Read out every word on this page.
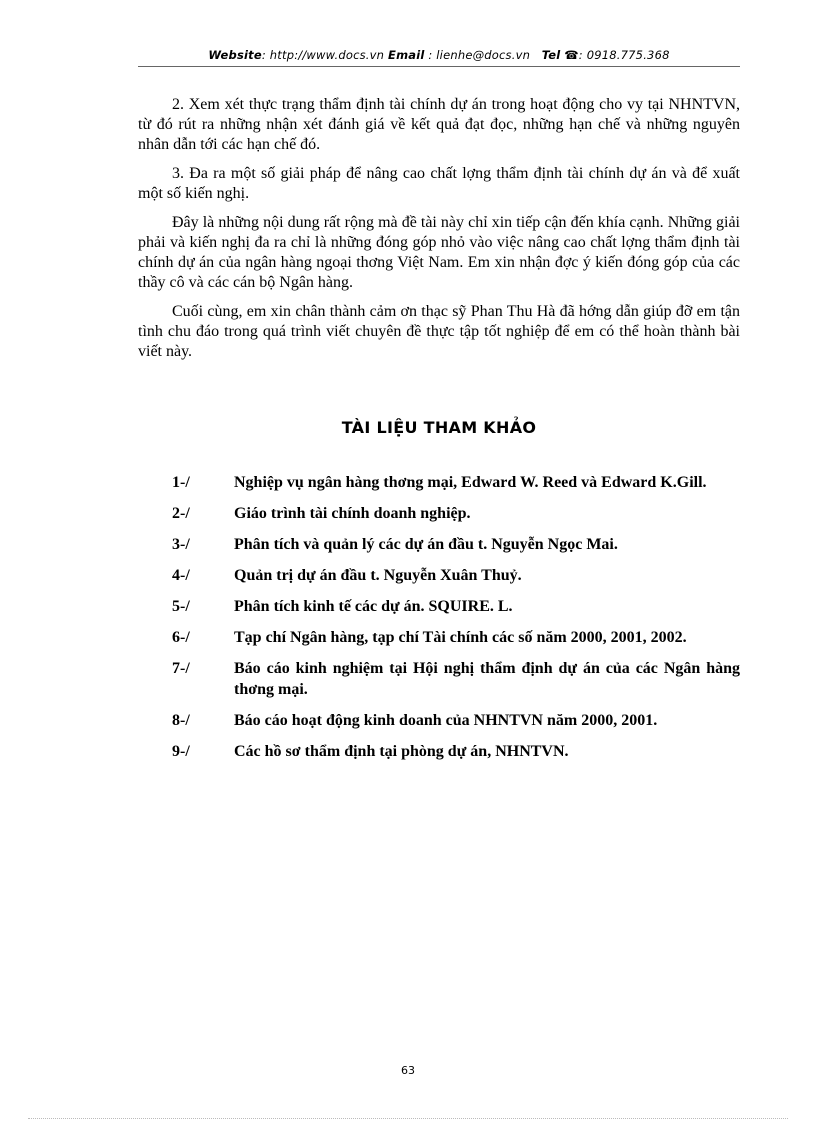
Website: http://www.docs.vn Email : lienhe@docs.vn Tel ☎: 0918.775.368

2. Xem xét thực trạng thẩm định tài chính dự án trong hoạt động cho vy tại NHNTVN, từ đó rút ra những nhận xét đánh giá về kết quả đạt đọc, những hạn chế và những nguyên nhân dẫn tới các hạn chế đó.

3. Đa ra một số giải pháp để nâng cao chất lợng thẩm định tài chính dự án và để xuất một số kiến nghị.

Đây là những nội dung rất rộng mà đề tài này chỉ xin tiếp cận đến khía cạnh. Những giải phải và kiến nghị đa ra chỉ là những đóng góp nhỏ vào việc nâng cao chất lợng thẩm định tài chính dự án của ngân hàng ngoại thơng Việt Nam. Em xin nhận đợc ý kiến đóng góp của các thầy cô và các cán bộ Ngân hàng.

Cuối cùng, em xin chân thành cảm ơn thạc sỹ Phan Thu Hà đã hớng dẫn giúp đỡ em tận tình chu đáo trong quá trình viết chuyên đề thực tập tốt nghiệp để em có thể hoàn thành bài viết này.

TÀI LIỆU THAM KHẢO
1-/	Nghiệp vụ ngân hàng thơng mại, Edward W. Reed và Edward K.Gill.
2-/	Giáo trình tài chính doanh nghiệp.
3-/	Phân tích và quản lý các dự án đầu t. Nguyễn Ngọc Mai.
4-/	Quản trị dự án đầu t. Nguyễn Xuân Thuỷ.
5-/	Phân tích kinh tế các dự án. SQUIRE. L.
6-/	Tạp chí Ngân hàng, tạp chí Tài chính các số năm 2000, 2001, 2002.
7-/	Báo cáo kinh nghiệm tại Hội nghị thẩm định dự án của các Ngân hàng thơng mại.
8-/	Báo cáo hoạt động kinh doanh của NHNTVN năm 2000, 2001.
9-/	Các hồ sơ thẩm định tại phòng dự án, NHNTVN.
63
